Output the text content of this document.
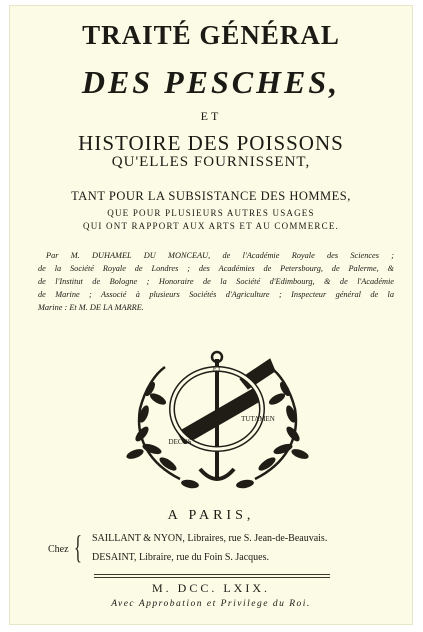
TRAITÉ GÉNÉRAL
DES PESCHES,
ET
HISTOIRE DES POISSONS
QU'ELLES FOURNISSENT,
TANT POUR LA SUBSISTANCE DES HOMMES,
QUE POUR PLUSIEURS AUTRES USAGES
QUI ONT RAPPORT AUX ARTS ET AU COMMERCE.
Par M. DUHAMEL DU MONCEAU, de l'Académie Royale des Sciences ;
de la Société Royale de Londres ; des Académies de Petersbourg, de Palerme, &
de l'Institut de Bologne ; Honoraire de la Société d'Edimbourg, & de l'Académie
de Marine ; Associé à plusieurs Sociétés d'Agriculture ; Inspecteur général de la
Marine : Et M. DE LA MARRE.
ET
DECUS
TUTAMEN
A PARIS,
Chez { SAILLANT & NYON, Libraires, rue S. Jean-de-Beauvais.
DESAINT, Libraire, rue du Foin S. Jacques.
M. DCC. LXIX.
Avec Approbation et Privilege du Roi.
